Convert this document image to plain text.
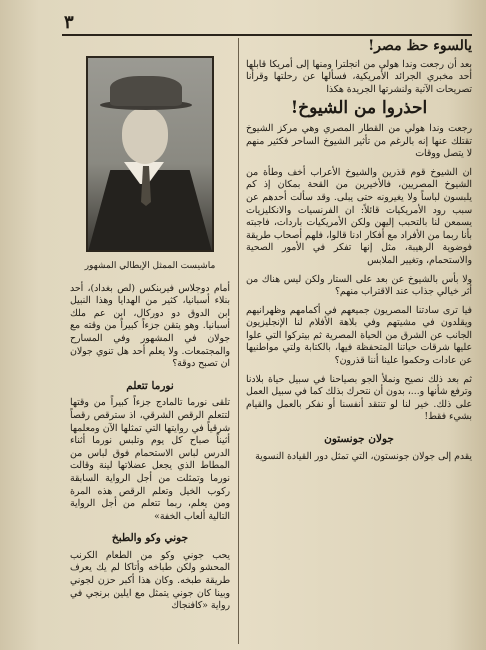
٣
ماشيست الممثل الإيطالي المشهور

أمام دوجلاس فيربنكس (لص بغداد)، أحد بنلاء أسبانيا، كثير من الهدايا وهذا النبيل ابن الدوق دو دوركال، ابن عم ملك أسبانيا. وهو يتقن جزءاً كبيراً من وقته مع جولان في المشهور وفي المسارح والمجتمعات. ولا يعلم أحد هل تنوي جولان ان تصبح دوقة؟

نورما تتعلم

تلقى نورما تالمادج جزءاً كبيراً من وقتها لتتعلم الرقص الشرقي، اذ سترقص رقصاً شرقياً في روايتها التي تمثلها الآن ومعلمها أثيناً صباح كل يوم وتلبس نورما أثناء الدرس لباس الاستحمام فوق لباس من المطاط الذي يجعل عضلاتها لينة وقالت نورما وتمثلت من أجل الرواية السابقة ركوب الخيل وتعلم الرقص هذه المرة ومن يعلم، ربما تتعلم من أجل الرواية التالية ألعاب الخفة»

جوني وكو والطبخ

يحب جوني وكو من الطعام الكرنب المحشو ولكن طباخه وأتاكا لم يك يعرف طريقة طبخه. وكان هذا أكبر حزن لجوني وبينا كان جوني يتمثل مع ايلين برنجي في رواية «كافنجاك

يالسوء حظ مصر!

بعد أن رجعت وندا هولي من انجلترا ومنها إلى أمريكا قابلها أحد مخبري الجرائد الأمريكية، فسألها عن رحلتها وقرأنا تصريحات الآتية ولنشرتها الجريدة هكذا

احذروا من الشيوخ!

رجعت وندا هولي من القطار المصري وهي مركز الشيوخ تقتلك عنها إنه بالرغم من تأثير الشيوخ الساحر فكثير منهم لا يتصل ووقات

ان الشيوخ قوم قذرين والشيوخ الأعراب أخف وطأة من الشيوخ المصريين، فالأخيرين من القحة بمكان إذ كم يلبسون لباساً ولا يغيرونه حتى يبلى. وقد سألت أحدهم عن سبب رود الأمريكيات قائلاً: ان الفرنسيات والانكليزيات يسمعن لنا بالتحبب إليهن ولكن الأمريكيات باردات، فاجبته بأنا ربما من الأفراد مع أفكار ادنا قالوا، فلهم أصحاب طريقة فوضوية الرهيبة، مثل إنها تفكر في الأمور الصحية والاستحمام، وتغيير الملابس

ولا بأس بالشيوخ عن بعد على الستار ولكن ليس هناك من أثر خيالي جذاب عند الاقتراب منهم؟

فيا ترى سادتنا المصريون جميعهم في أكمامهم وظهرانيهم ويقلدون في مشيتهم وفي بلاهة الأفلام لنا الإنجليزيون الجانب عن الشرق من الحياة المصرية ثم بيتركوا التي علوا عليها شرقات حياتنا المتحفظة فيها، بالكتابة ولتي مواطنيها عن عادات وحكموا علينا أننا قذرون؟

ثم بعد ذلك نصيح ونملأ الجو بصياحنا في سبيل حياة بلادنا وترفع شأنها و...، بدون أن نتحرك بذلك كما في سبيل العمل على ذلك. خير لنا لو تنتقد أنفسنا أو نفكر بالعمل والقيام بشيء فقط!

جولان جونستون

يقدم إلى جولان جونستون، التي تمثل دور القيادة النسوية
